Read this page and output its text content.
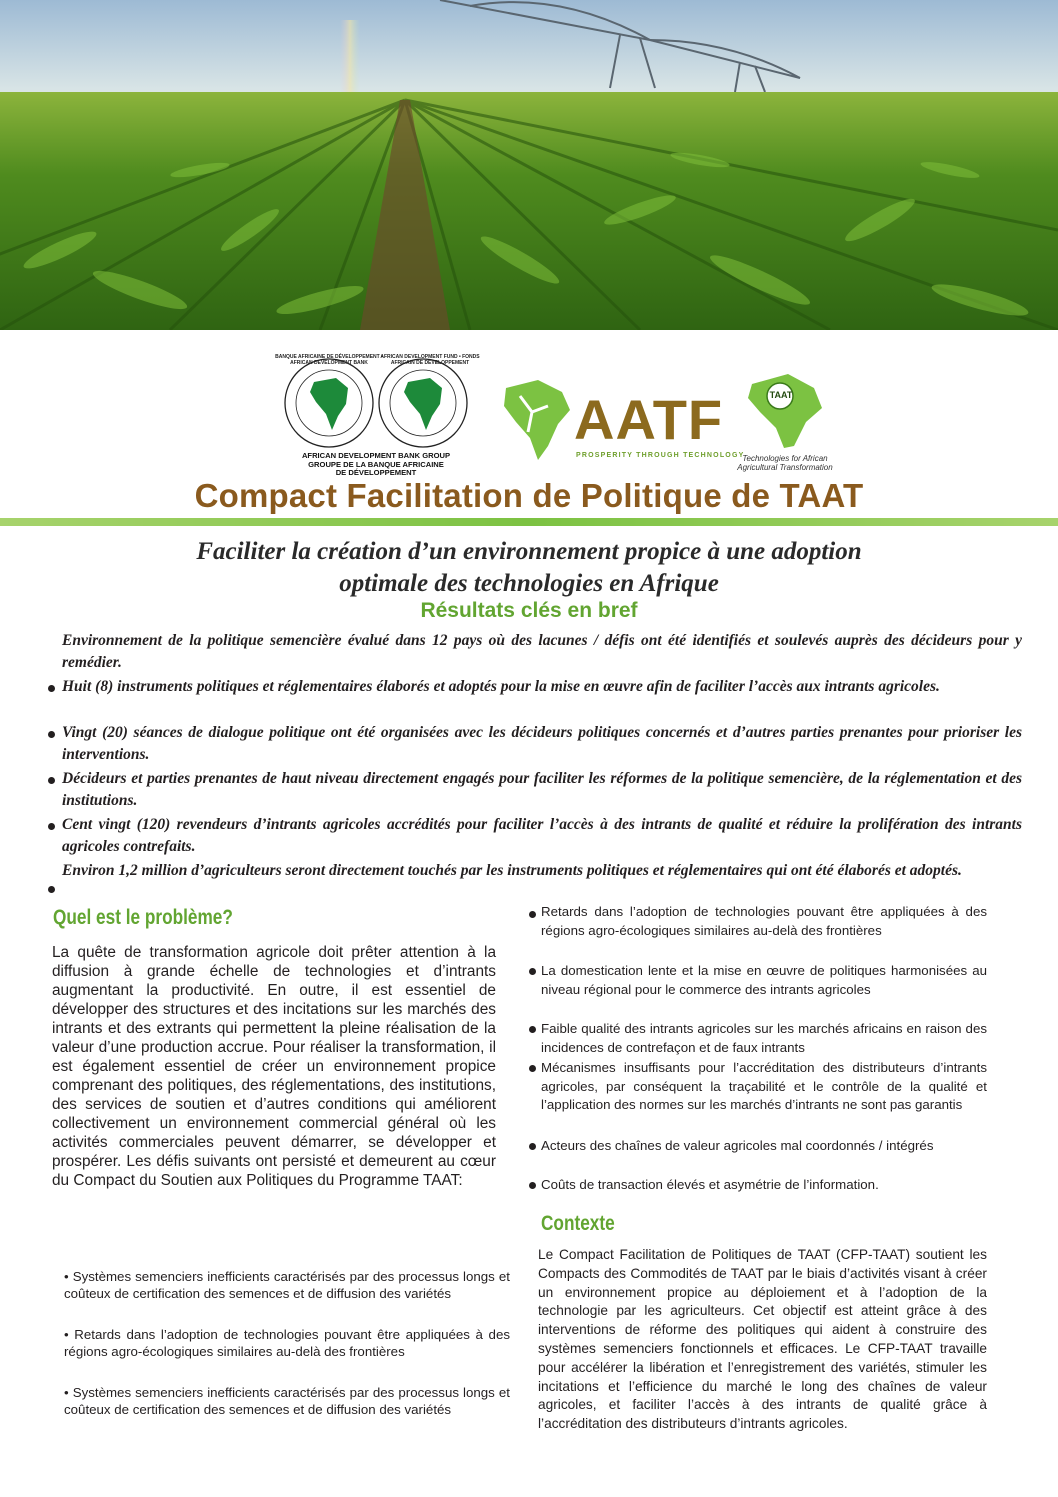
BANQUE AFRICAINE DE DÉVELOPPEMENT • AFRICAN DEVELOPMENT BANK
AFRICAN DEVELOPMENT FUND • FONDS AFRICAIN DE DÉVELOPPEMENT
AFRICAN DEVELOPMENT BANK GROUP
GROUPE DE LA BANQUE AFRICAINE
DE DÉVELOPPEMENT
AATF
PROSPERITY THROUGH TECHNOLOGY
TAAT
Technologies for African
Agricultural Transformation
Compact Facilitation de Politique de TAAT
Faciliter la création d’un environnement propice à une adoption
optimale des technologies en Afrique
Résultats clés en bref
Environnement de la politique semencière évalué dans 12 pays où des lacunes / défis ont été identifiés et soulevés auprès des décideurs pour y remédier.
Huit (8) instruments politiques et réglementaires élaborés et adoptés pour la mise en œuvre afin de faciliter l’accès aux intrants agricoles.
Vingt (20) séances de dialogue politique ont été organisées avec les décideurs politiques concernés et d’autres parties prenantes pour prioriser les interventions.
Décideurs et parties prenantes de haut niveau directement engagés pour faciliter les réformes de la politique semencière, de la réglementation et des institutions.
Cent vingt (120) revendeurs d’intrants agricoles accrédités pour faciliter l’accès à des intrants de qualité et réduire la prolifération des intrants agricoles contrefaits.
Environ 1,2 million d’agriculteurs seront directement touchés par les instruments politiques et réglementaires qui ont été élaborés et adoptés.
Quel est le problème?
La quête de transformation agricole doit prêter attention à la diffusion à grande échelle de technologies et d’intrants augmentant la productivité. En outre, il est essentiel de développer des structures et des incitations sur les marchés des intrants et des extrants qui permettent la pleine réalisation de la valeur d’une production accrue. Pour réaliser la transformation, il est également essentiel de créer un environnement propice comprenant des politiques, des réglementations, des institutions, des services de soutien et d’autres conditions qui améliorent collectivement un environnement commercial général où les activités commerciales peuvent démarrer, se développer et prospérer. Les défis suivants ont persisté et demeurent au cœur du Compact du Soutien aux Politiques du Programme TAAT:
• Systèmes semenciers inefficients caractérisés par des processus longs et coûteux de certification des semences et de diffusion des variétés
• Retards dans l’adoption de technologies pouvant être appliquées à des régions agro-écologiques similaires au-delà des frontières
• Systèmes semenciers inefficients caractérisés par des processus longs et coûteux de certification des semences et de diffusion des variétés
Retards dans l’adoption de technologies pouvant être appliquées à des régions agro-écologiques similaires au-delà des frontières
La domestication lente et la mise en œuvre de politiques harmonisées au niveau régional pour le commerce des intrants agricoles
Faible qualité des intrants agricoles sur les marchés africains en raison des incidences de contrefaçon et de faux intrants
Mécanismes insuffisants pour l’accréditation des distributeurs d’intrants agricoles, par conséquent la traçabilité et le contrôle de la qualité et l’application des normes sur les marchés d’intrants ne sont pas garantis
Acteurs des chaînes de valeur agricoles mal coordonnés / intégrés
Coûts de transaction élevés et asymétrie de l’information.
Contexte
Le Compact Facilitation de Politiques de TAAT (CFP-TAAT) soutient les Compacts des Commodités de TAAT par le biais d’activités visant à créer un environnement propice au déploiement et à l’adoption de la technologie par les agriculteurs. Cet objectif est atteint grâce à des interventions de réforme des politiques qui aident à construire des systèmes semenciers fonctionnels et efficaces. Le CFP-TAAT travaille pour accélérer la libération et l’enregistrement des variétés, stimuler les incitations et l’efficience du marché le long des chaînes de valeur agricoles, et faciliter l’accès à des intrants de qualité grâce à l’accréditation des distributeurs d’intrants agricoles.
